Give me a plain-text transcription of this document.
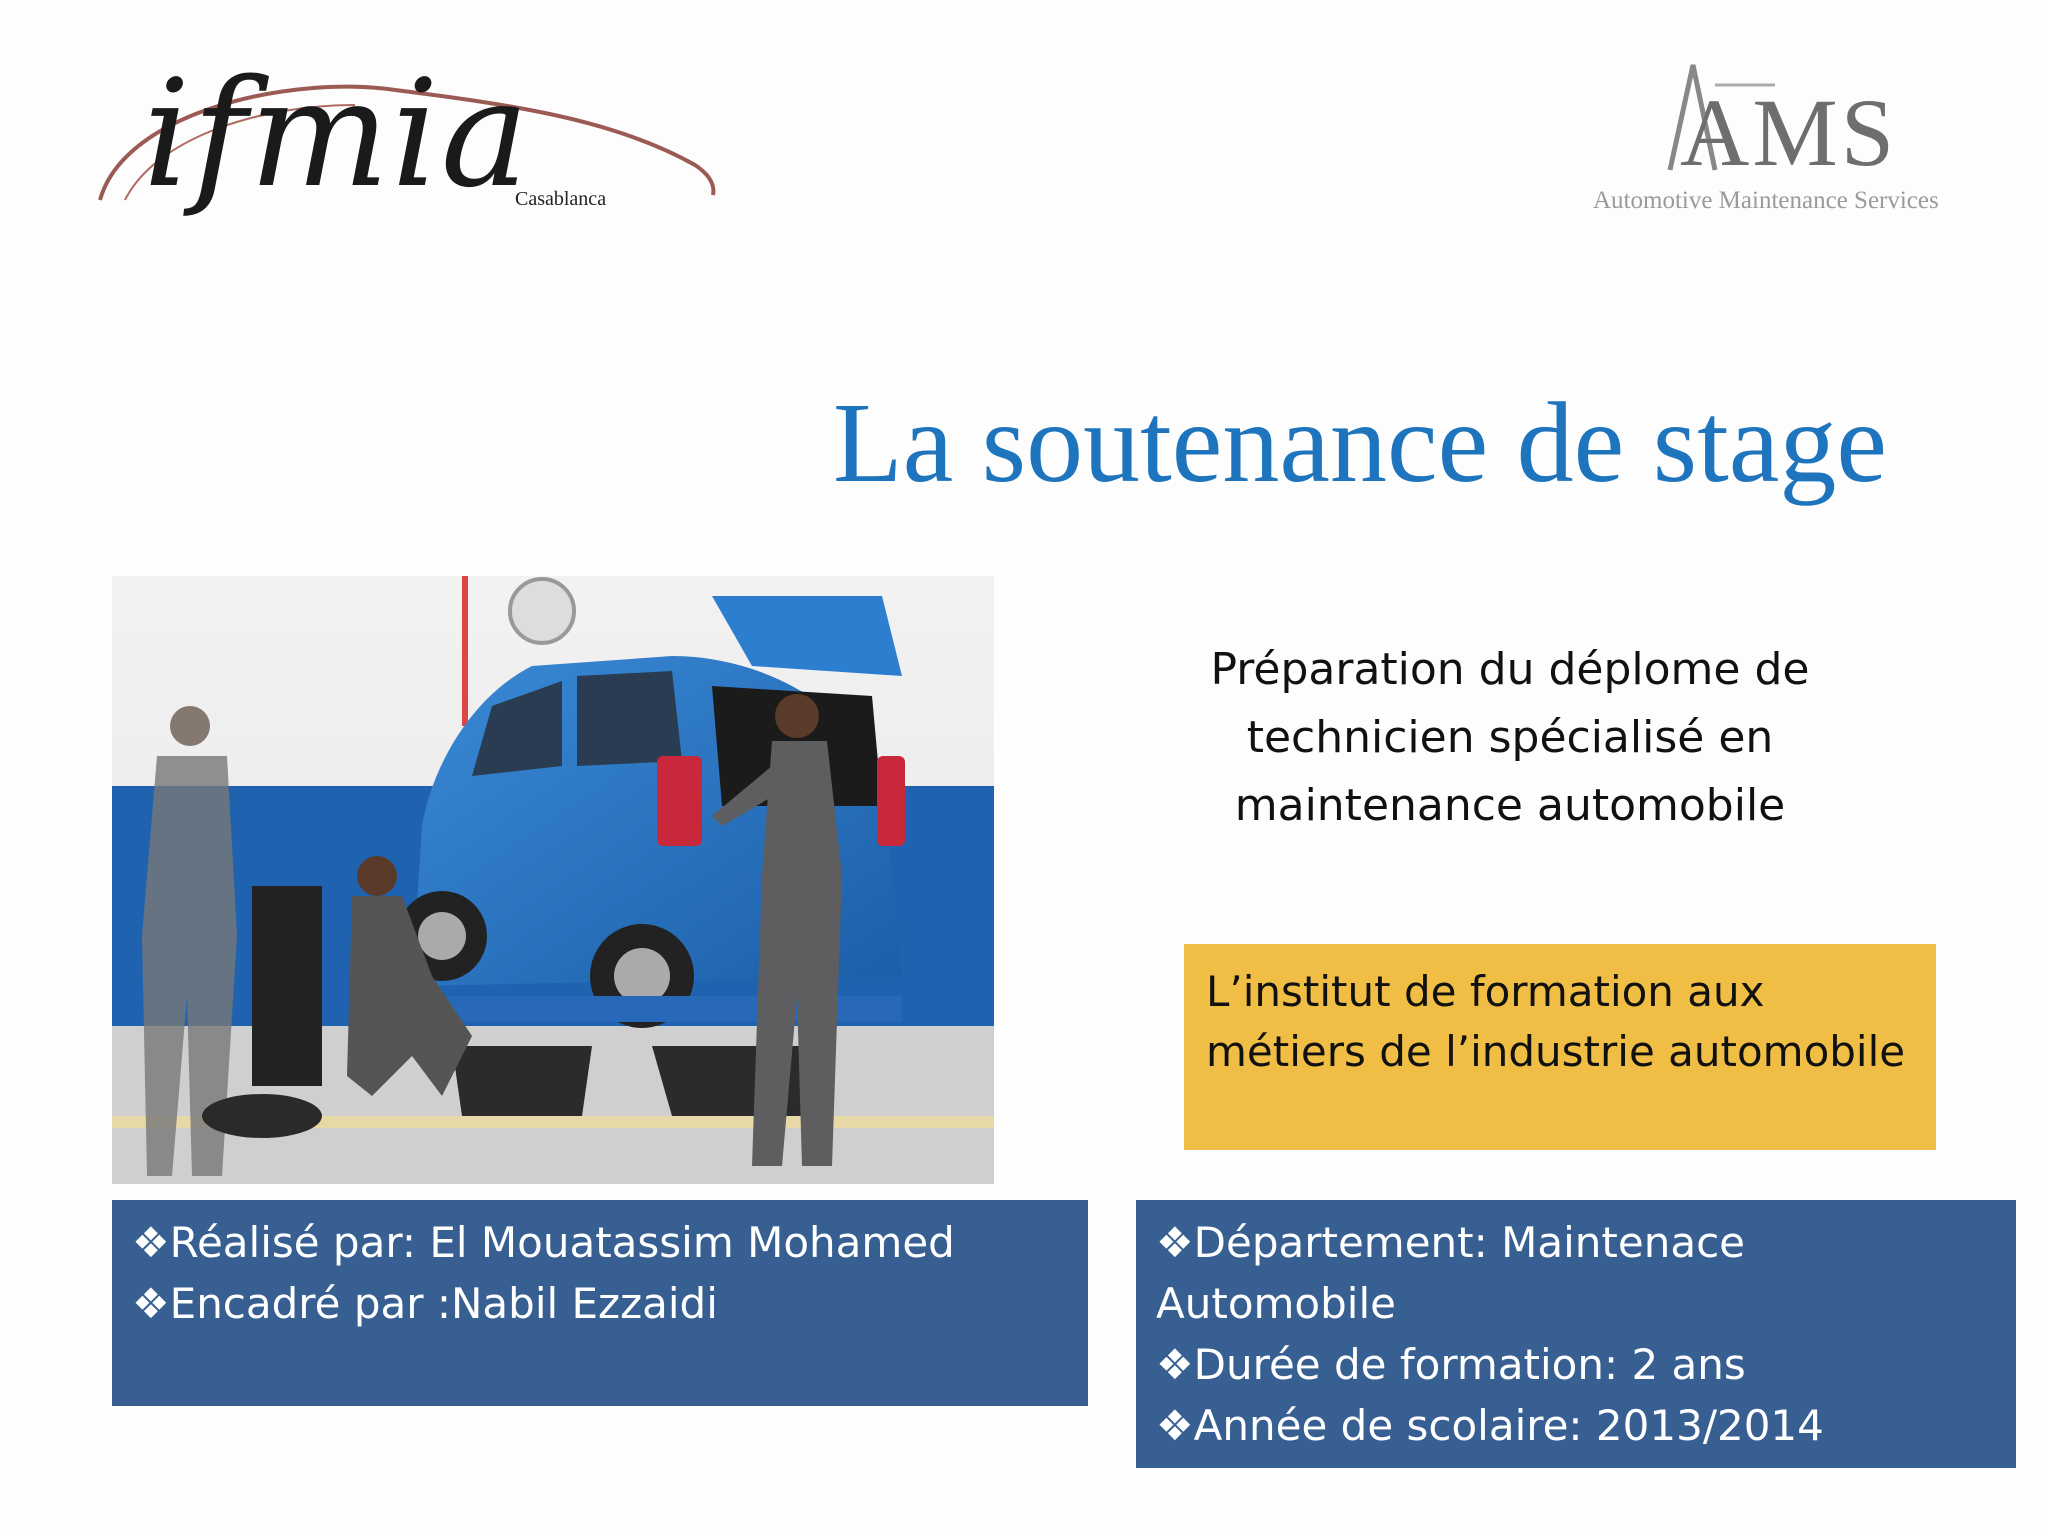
ifmia
Casablanca
AMS
Automotive Maintenance Services
La soutenance de stage
Préparation du déplome de
technicien spécialisé en
maintenance automobile
L’institut de formation aux
métiers de l’industrie automobile
❖Réalisé par: El Mouatassim Mohamed
❖Encadré par :Nabil Ezzaidi
❖Département: Maintenace
Automobile
❖Durée de formation: 2 ans
❖Année de scolaire: 2013/2014
